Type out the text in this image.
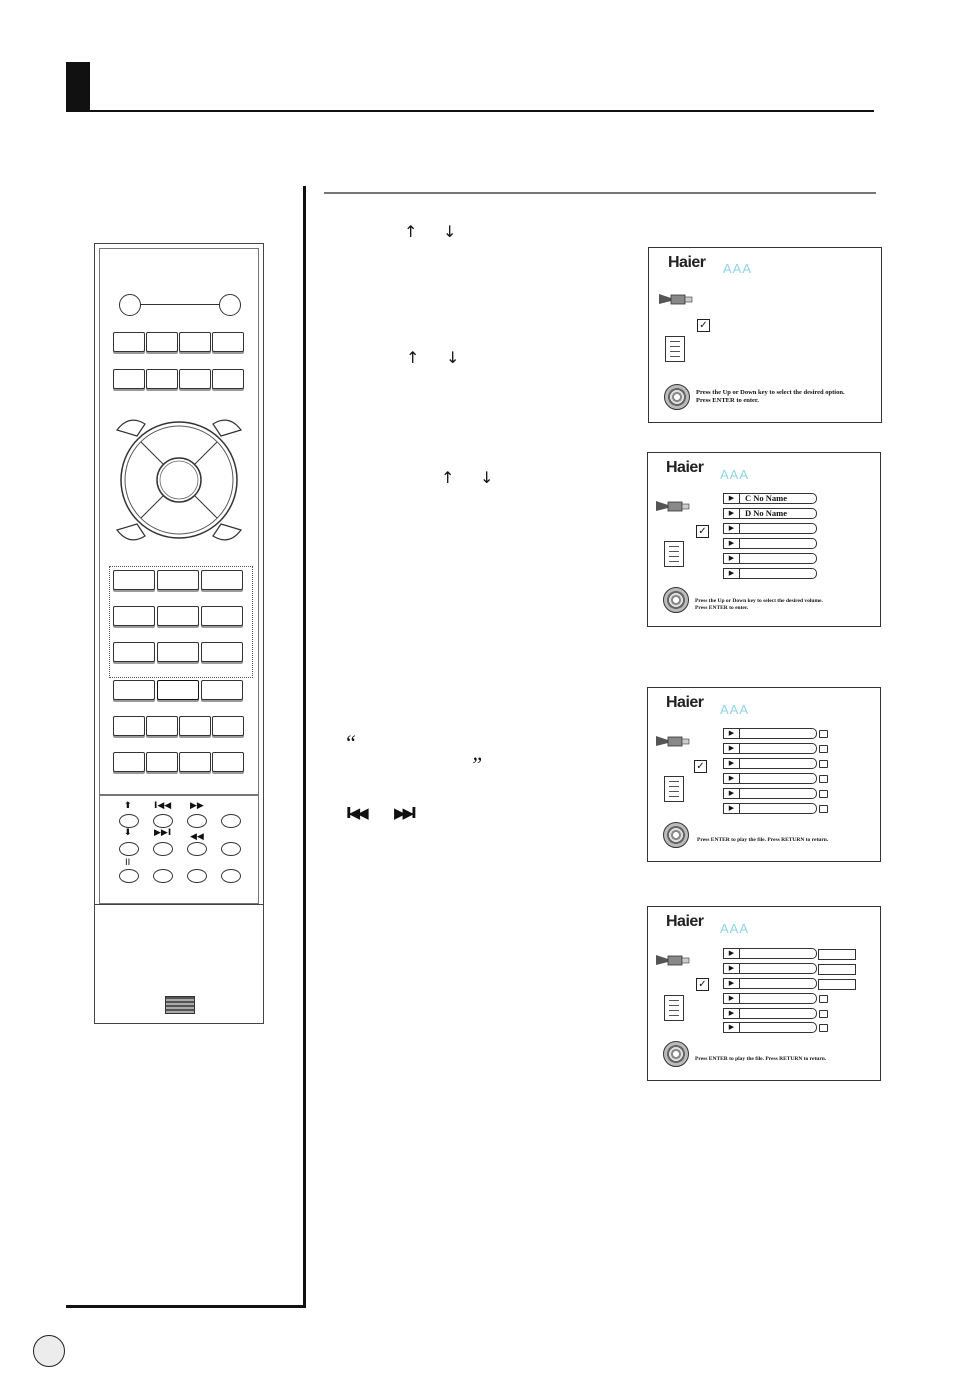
↑ ↓
↑ ↓
↑ ↓
“
”
I◀◀ ▶▶I
⬆ I◀◀ ▶▶
⬇ ▶▶I ◀◀
II
Haier AAA
✓
Press the Up or Down key to select the desired option.
Press ENTER to enter.
Haier AAA
✓
▶	C No Name
▶	D No Name
▶
▶
▶
▶
Press the Up or Down key to select the desired volume.
Press ENTER to enter.
Haier AAA
✓
▶
▶
▶
▶
▶
▶
Press ENTER to play the file. Press RETURN to return.
Haier AAA
✓
▶
▶
▶
▶
▶
▶
Press ENTER to play the file. Press RETURN to return.
